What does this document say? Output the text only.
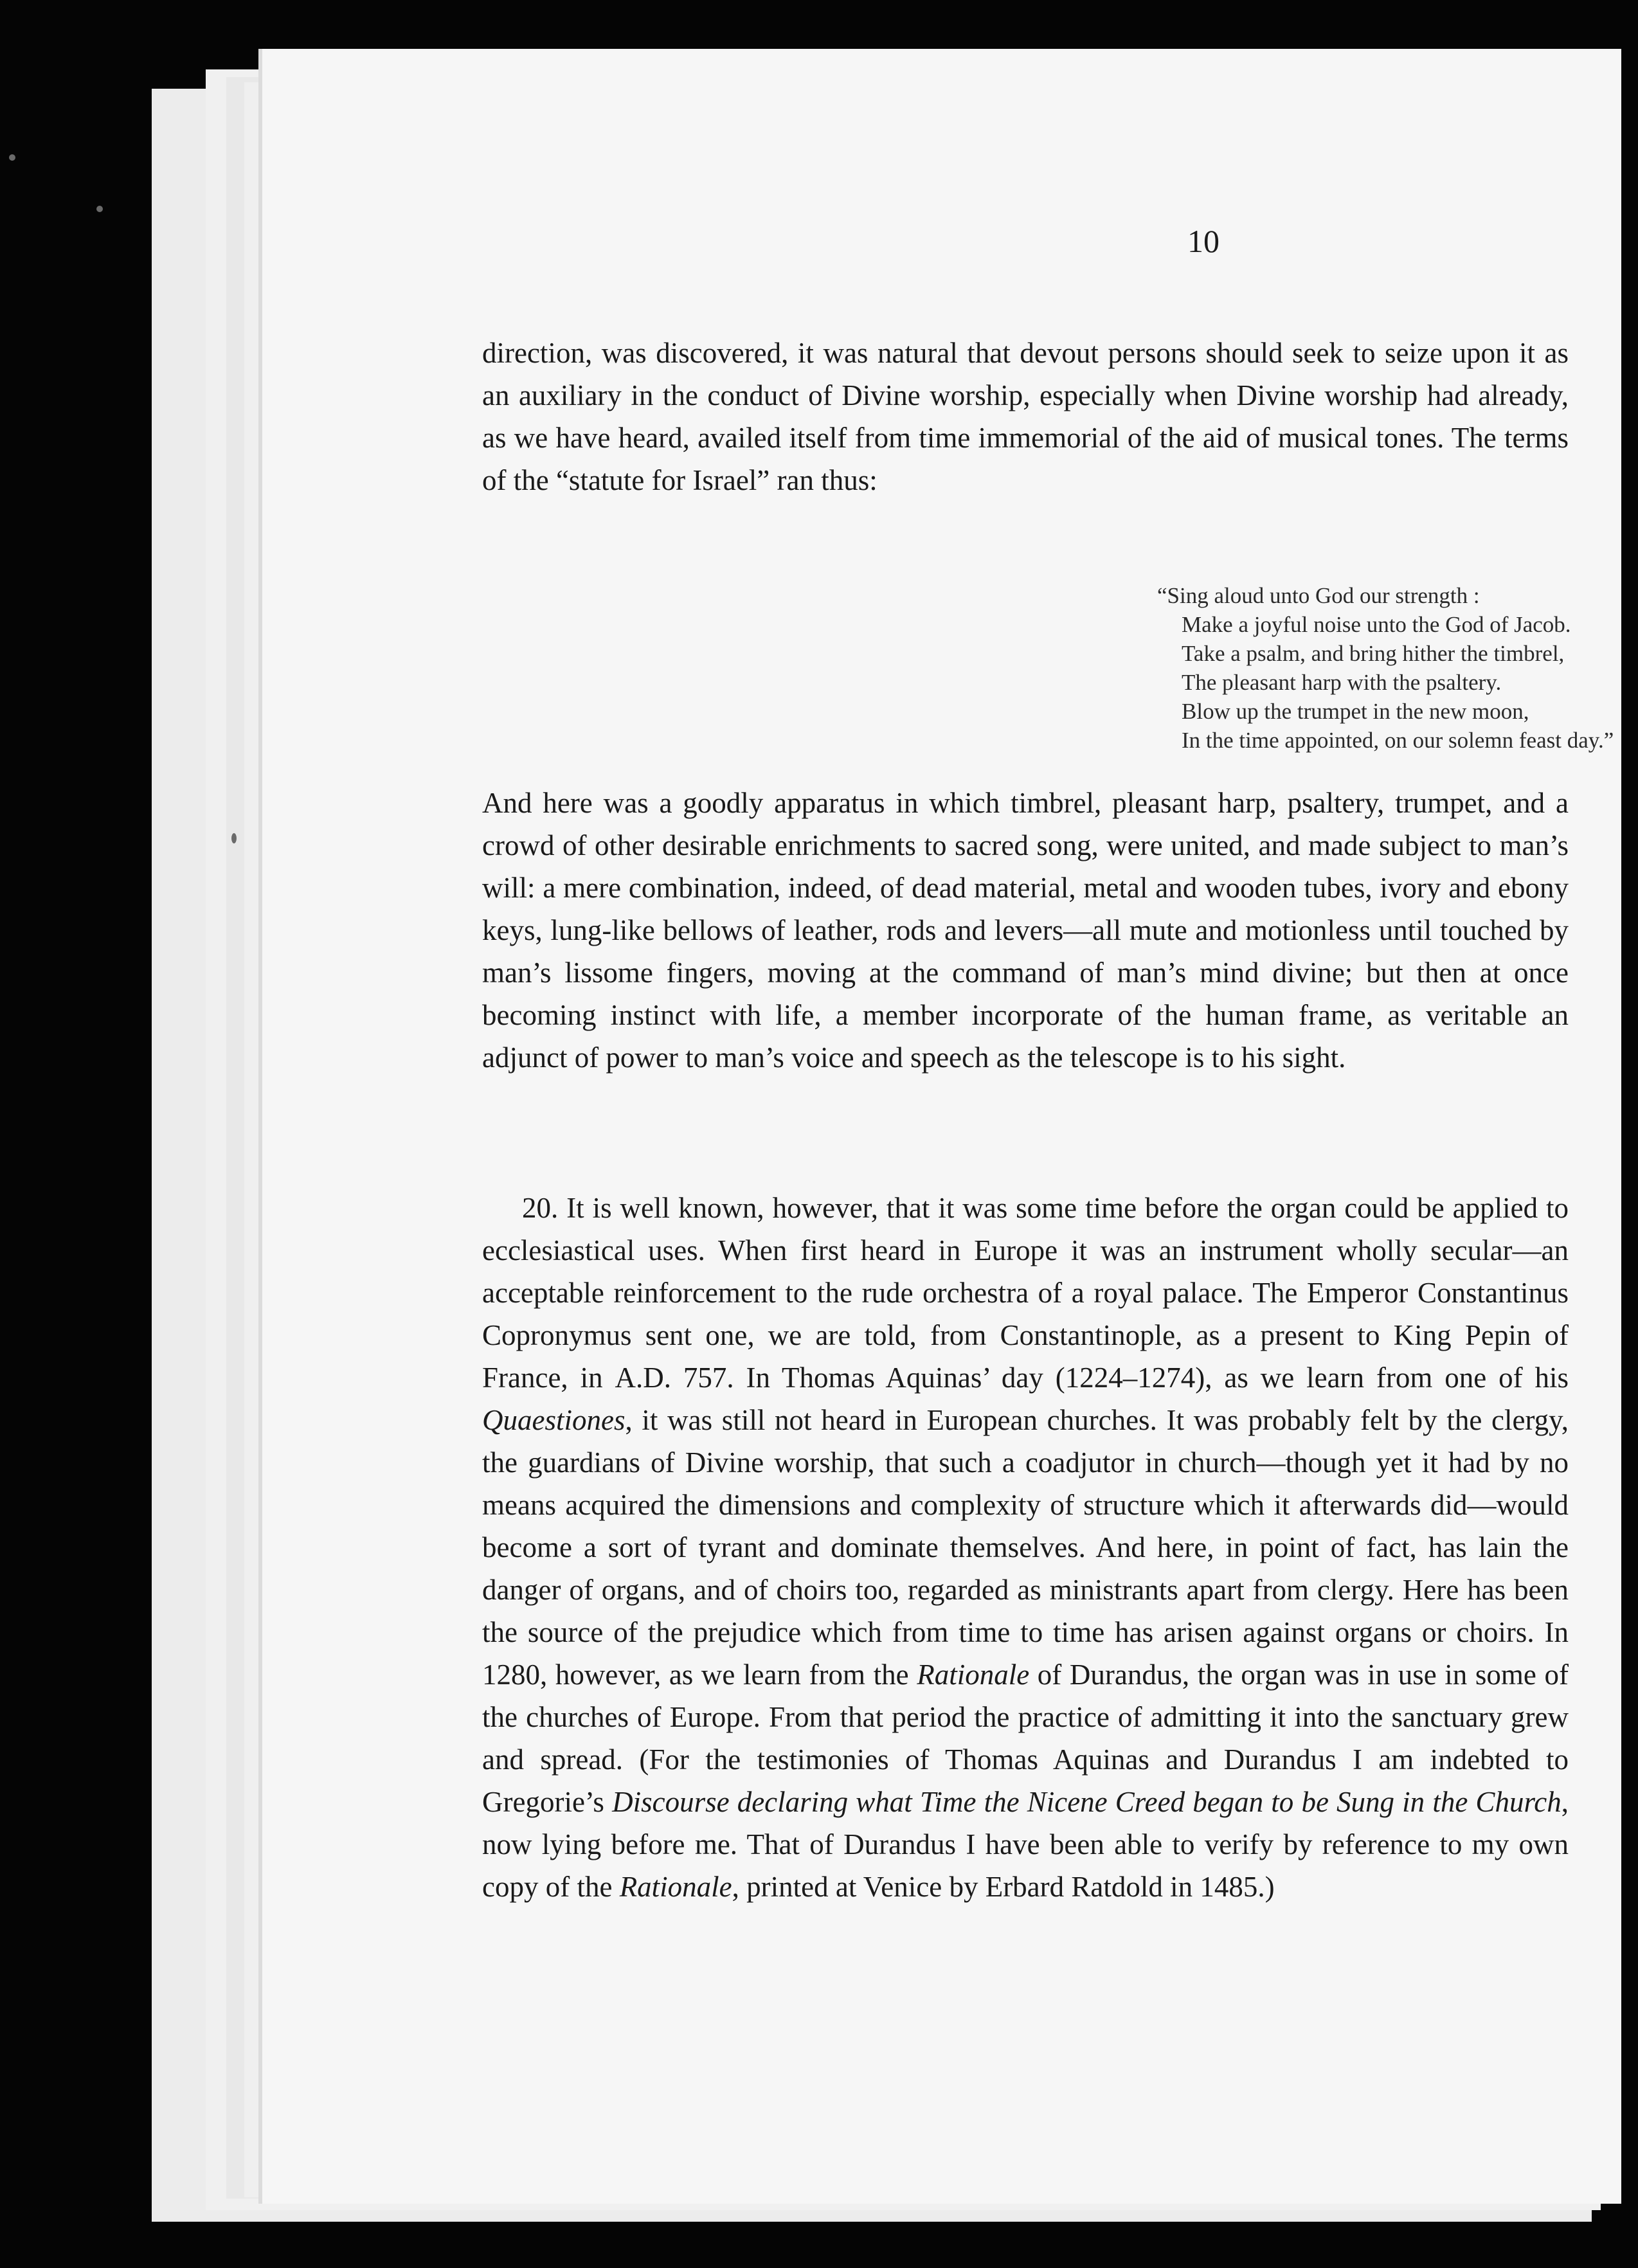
10

direction, was discovered, it was natural that devout persons should seek to seize upon it as an auxiliary in the conduct of Divine worship, especially when Divine worship had already, as we have heard, availed itself from time immemorial of the aid of musical tones. The terms of the “statute for Israel” ran thus:

“Sing aloud unto God our strength :
Make a joyful noise unto the God of Jacob.
Take a psalm, and bring hither the timbrel,
The pleasant harp with the psaltery.
Blow up the trumpet in the new moon,
In the time appointed, on our solemn feast day.”

And here was a goodly apparatus in which timbrel, pleasant harp, psaltery, trumpet, and a crowd of other desirable enrichments to sacred song, were united, and made subject to man’s will: a mere combination, indeed, of dead material, metal and wooden tubes, ivory and ebony keys, lung-like bellows of leather, rods and levers—all mute and motionless until touched by man’s lissome fingers, moving at the command of man’s mind divine; but then at once becoming instinct with life, a member incorporate of the human frame, as veritable an adjunct of power to man’s voice and speech as the telescope is to his sight.

20. It is well known, however, that it was some time before the organ could be applied to ecclesiastical uses. When first heard in Europe it was an instrument wholly secular—an acceptable reinforcement to the rude orchestra of a royal palace. The Emperor Constantinus Copronymus sent one, we are told, from Constantinople, as a present to King Pepin of France, in A.D. 757. In Thomas Aquinas’ day (1224–1274), as we learn from one of his Quaestiones, it was still not heard in European churches. It was probably felt by the clergy, the guardians of Divine worship, that such a coadjutor in church—though yet it had by no means acquired the dimensions and complexity of structure which it afterwards did—would become a sort of tyrant and dominate themselves. And here, in point of fact, has lain the danger of organs, and of choirs too, regarded as ministrants apart from clergy. Here has been the source of the prejudice which from time to time has arisen against organs or choirs. In 1280, however, as we learn from the Rationale of Durandus, the organ was in use in some of the churches of Europe. From that period the practice of admitting it into the sanctuary grew and spread. (For the testimonies of Thomas Aquinas and Durandus I am indebted to Gregorie’s Discourse declaring what Time the Nicene Creed began to be Sung in the Church, now lying before me. That of Durandus I have been able to verify by reference to my own copy of the Rationale, printed at Venice by Erbard Ratdold in 1485.)
